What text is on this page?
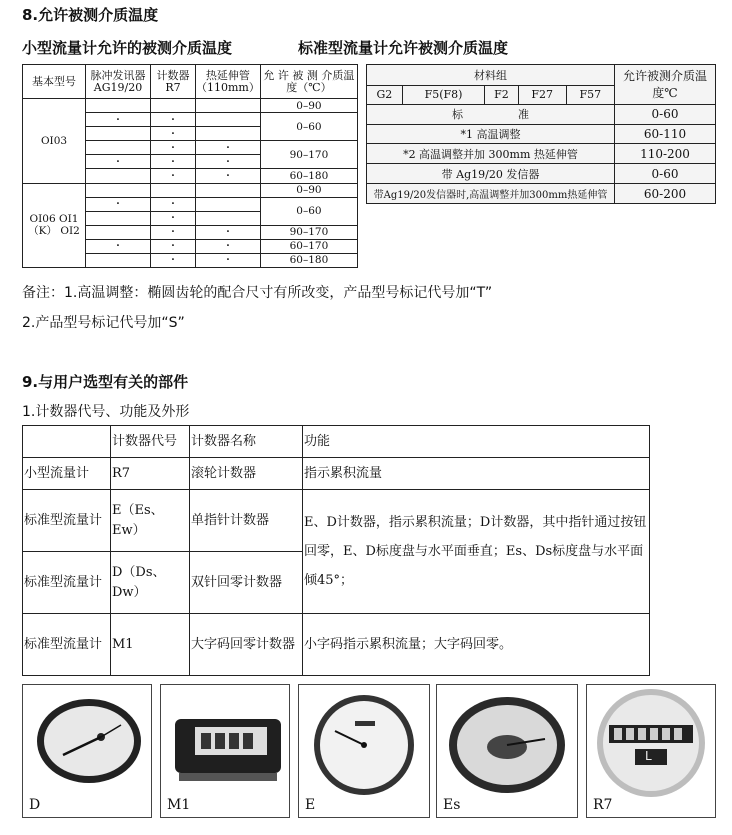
8.允许被测介质温度
小型流量计允许的被测介质温度	标准型流量计允许被测介质温度
基本型号	脉冲发讯器 AG19/20	计数器 R7	热延伸管（110mm）	允 许 被 测 介质温度（℃）
OI03				0–90
	·	·		0–60
		·		
		·	·	90–170
	·	·	·	
		·	·	60–180
OI06 OI1（K） OI2				0–90
	·	·		0–60
		·		
		·	·	90–170
	·	·	·	60–170
		·	·	60–180
材料组					允许被测介质温度℃
G2	F5(F8)	F2	F27	F57	
标　　　　　准					0-60
*1 高温调整					60-110
*2 高温调整并加 300mm 热延伸管					110-200
带 Ag19/20 发信器					0-60
带Ag19/20发信器时,高温调整并加300mm热延伸管					60-200
备注：1.高温调整：椭圆齿轮的配合尺寸有所改变，产品型号标记代号加“T”
2.产品型号标记代号加“S”
9.与用户选型有关的部件
1.计数器代号、功能及外形
	计数器代号	计数器名称	功能
小型流量计	R7	滚轮计数器	指示累积流量
标准型流量计	E（Es、Ew）	单指针计数器	E、D计数器，指示累积流量；D计数器，其中指针通过按钮回零，E、D标度盘与水平面垂直；Es、Ds标度盘与水平面倾45°；
标准型流量计	D（Ds、Dw）	双针回零计数器	
标准型流量计	M1	大字码回零计数器	小字码指示累积流量；大字码回零。
D	M1	E	Es
L
R7
